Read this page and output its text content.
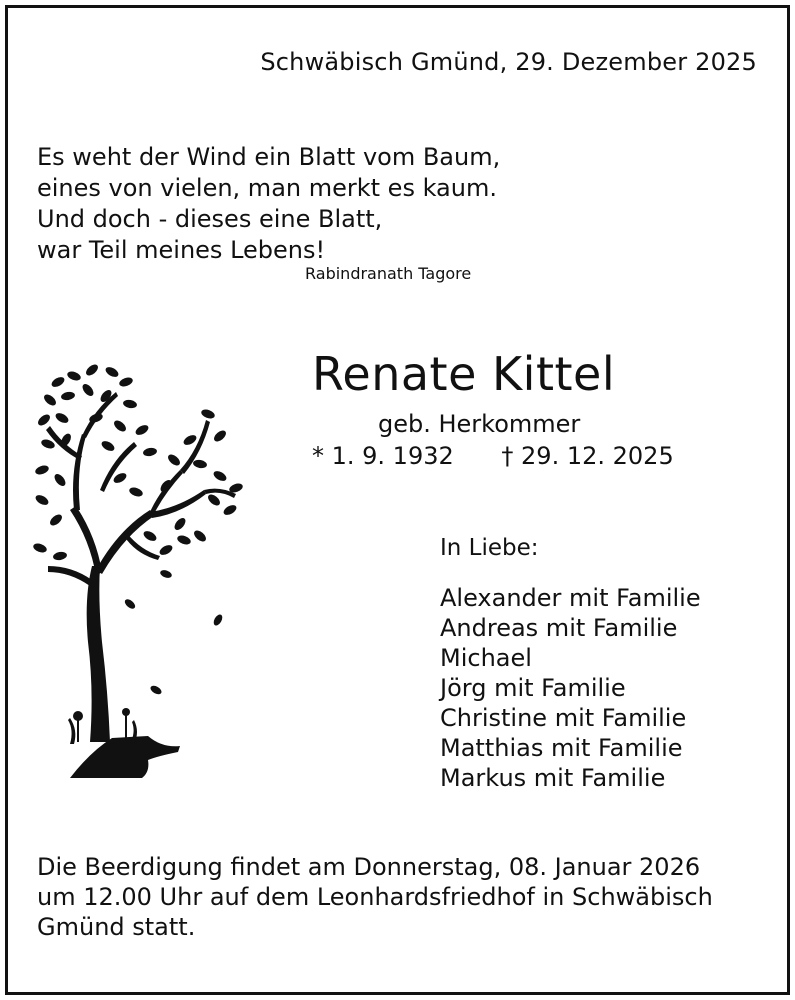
Schwäbisch Gmünd, 29. Dezember 2025
Es weht der Wind ein Blatt vom Baum,
eines von vielen, man merkt es kaum.
Und doch - dieses eine Blatt,
war Teil meines Lebens!
Rabindranath Tagore
Renate Kittel
geb. Herkommer
* 1. 9. 1932 † 29. 12. 2025
In Liebe:
Alexander mit Familie
Andreas mit Familie
Michael
Jörg mit Familie
Christine mit Familie
Matthias mit Familie
Markus mit Familie
Die Beerdigung findet am Donnerstag, 08. Januar 2026
um 12.00 Uhr auf dem Leonhardsfriedhof in Schwäbisch
Gmünd statt.
